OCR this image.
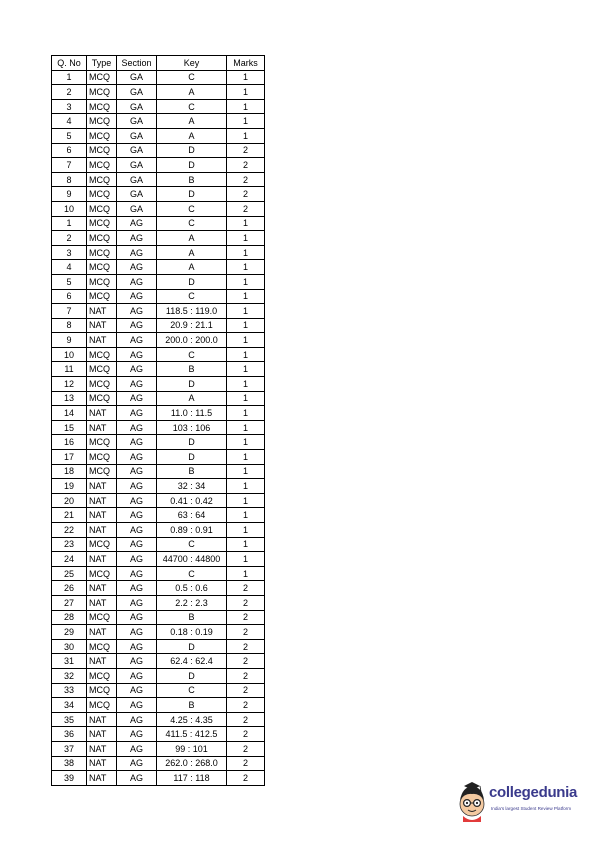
Q. No	Type	Section	Key	Marks
1	MCQ	GA	C	1
2	MCQ	GA	A	1
3	MCQ	GA	C	1
4	MCQ	GA	A	1
5	MCQ	GA	A	1
6	MCQ	GA	D	2
7	MCQ	GA	D	2
8	MCQ	GA	B	2
9	MCQ	GA	D	2
10	MCQ	GA	C	2
1	MCQ	AG	C	1
2	MCQ	AG	A	1
3	MCQ	AG	A	1
4	MCQ	AG	A	1
5	MCQ	AG	D	1
6	MCQ	AG	C	1
7	NAT	AG	118.5 : 119.0	1
8	NAT	AG	20.9 : 21.1	1
9	NAT	AG	200.0 : 200.0	1
10	MCQ	AG	C	1
11	MCQ	AG	B	1
12	MCQ	AG	D	1
13	MCQ	AG	A	1
14	NAT	AG	11.0 : 11.5	1
15	NAT	AG	103 : 106	1
16	MCQ	AG	D	1
17	MCQ	AG	D	1
18	MCQ	AG	B	1
19	NAT	AG	32 : 34	1
20	NAT	AG	0.41 : 0.42	1
21	NAT	AG	63 : 64	1
22	NAT	AG	0.89 : 0.91	1
23	MCQ	AG	C	1
24	NAT	AG	44700 : 44800	1
25	MCQ	AG	C	1
26	NAT	AG	0.5 : 0.6	2
27	NAT	AG	2.2 : 2.3	2
28	MCQ	AG	B	2
29	NAT	AG	0.18 : 0.19	2
30	MCQ	AG	D	2
31	NAT	AG	62.4 : 62.4	2
32	MCQ	AG	D	2
33	MCQ	AG	C	2
34	MCQ	AG	B	2
35	NAT	AG	4.25 : 4.35	2
36	NAT	AG	411.5 : 412.5	2
37	NAT	AG	99 : 101	2
38	NAT	AG	262.0 : 268.0	2
39	NAT	AG	117 : 118	2
collegedunia
India's largest Student Review Platform
